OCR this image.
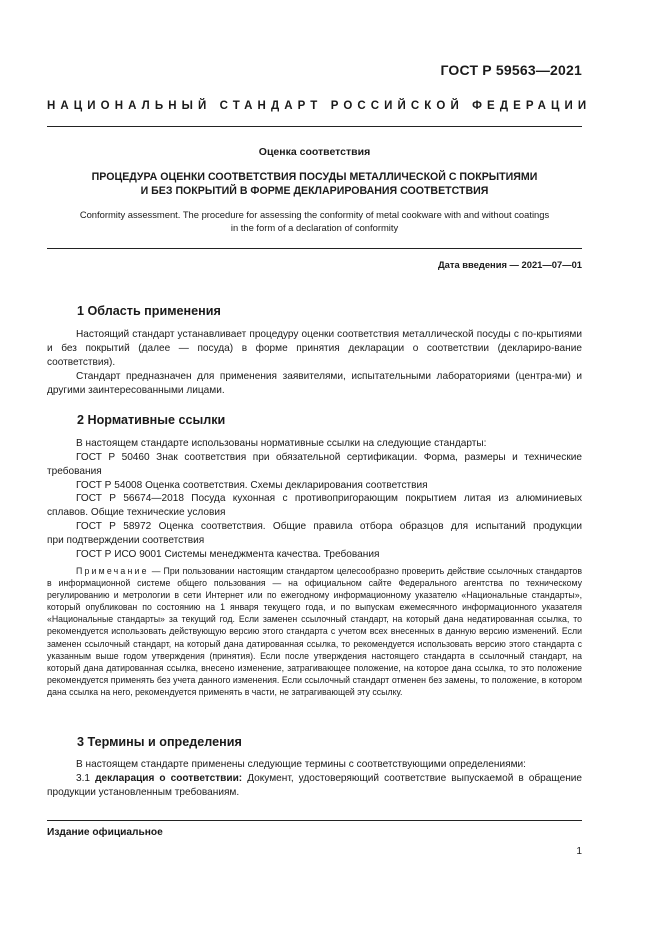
ГОСТ Р 59563—2021
НАЦИОНАЛЬНЫЙ СТАНДАРТ РОССИЙСКОЙ ФЕДЕРАЦИИ
Оценка соответствия
ПРОЦЕДУРА ОЦЕНКИ СООТВЕТСТВИЯ ПОСУДЫ МЕТАЛЛИЧЕСКОЙ С ПОКРЫТИЯМИ
И БЕЗ ПОКРЫТИЙ В ФОРМЕ ДЕКЛАРИРОВАНИЯ СООТВЕТСТВИЯ
Conformity assessment. The procedure for assessing the conformity of metal cookware with and without coatings
in the form of a declaration of conformity
Дата введения — 2021—07—01
1 Область применения
Настоящий стандарт устанавливает процедуру оценки соответствия металлической посуды с по-крытиями и без покрытий (далее — посуда) в форме принятия декларации о соответствии (деклариро-вание соответствия).
Стандарт предназначен для применения заявителями, испытательными лабораториями (центра-ми) и другими заинтересованными лицами.
2 Нормативные ссылки
В настоящем стандарте использованы нормативные ссылки на следующие стандарты:
ГОСТ Р 50460 Знак соответствия при обязательной сертификации. Форма, размеры и технические
требования
ГОСТ Р 54008 Оценка соответствия. Схемы декларирования соответствия
ГОСТ Р 56674—2018 Посуда кухонная с противопригорающим покрытием литая из алюминиевых
сплавов. Общие технические условия
ГОСТ Р 58972 Оценка соответствия. Общие правила отбора образцов для испытаний продукции
при подтверждении соответствия
ГОСТ Р ИСО 9001 Системы менеджмента качества. Требования
Примечание — При пользовании настоящим стандартом целесообразно проверить действие ссылочных стандартов в информационной системе общего пользования — на официальном сайте Федерального агентства по техническому регулированию и метрологии в сети Интернет или по ежегодному информационному указателю «Национальные стандарты», который опубликован по состоянию на 1 января текущего года, и по выпускам ежемесячного информационного указателя «Национальные стандарты» за текущий год. Если заменен ссылочный стандарт, на который дана недатированная ссылка, то рекомендуется использовать действующую версию этого стандарта с учетом всех внесенных в данную версию изменений. Если заменен ссылочный стандарт, на который дана датированная ссылка, то рекомендуется использовать версию этого стандарта с указанным выше годом утверждения (принятия). Если после утверждения настоящего стандарта в ссылочный стандарт, на который дана датированная ссылка, внесено изменение, затрагивающее положение, на которое дана ссылка, то это положение рекомендуется применять без учета данного изменения. Если ссылочный стандарт отменен без замены, то положение, в котором дана ссылка на него, рекомендуется применять в части, не затрагивающей эту ссылку.
3 Термины и определения
В настоящем стандарте применены следующие термины с соответствующими определениями:
3.1 декларация о соответствии: Документ, удостоверяющий соответствие выпускаемой в обращение продукции установленным требованиям.
Издание официальное
1
